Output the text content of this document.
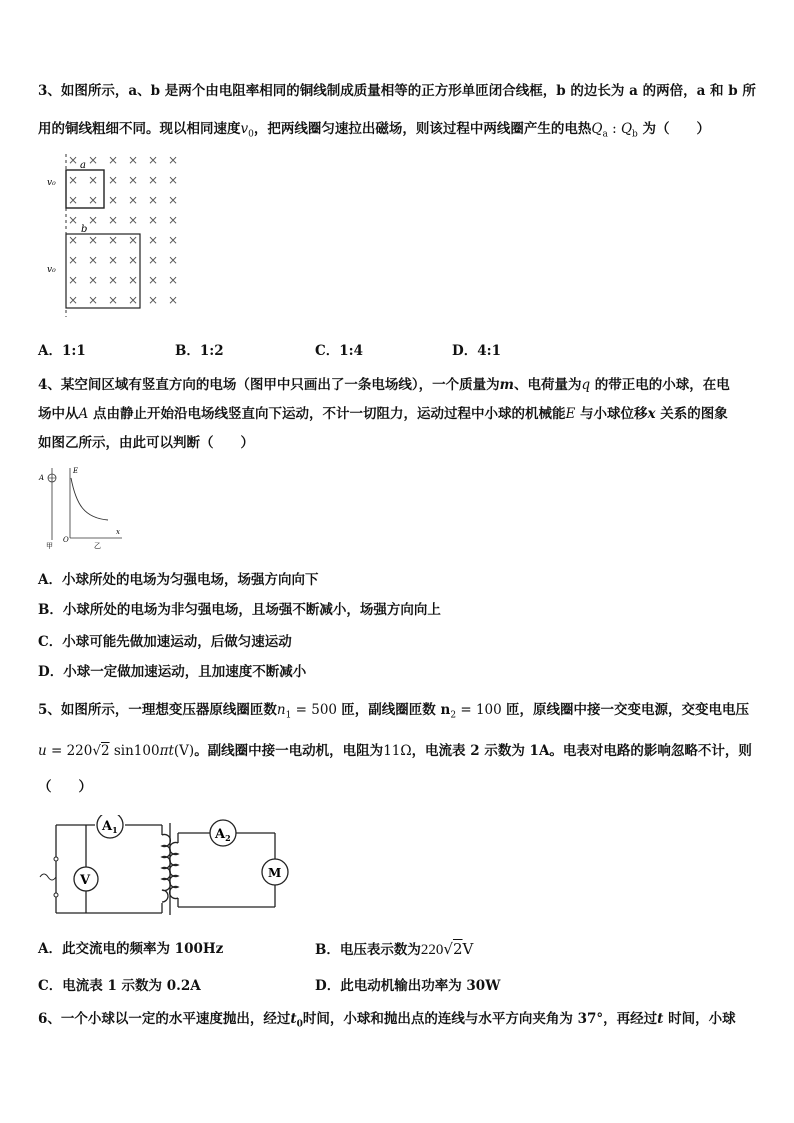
3、如图所示，a、b 是两个由电阻率相同的铜线制成质量相等的正方形单匝闭合线框，b 的边长为 a 的两倍，a 和 b 所
用的铜线粗细不同。现以相同速度$v_0$，把两线圈匀速拉出磁场，则该过程中两线圈产生的电热$Q_a$ : $Q_b$ 为（　　）
× × × × × ×
× × × × × ×
× × × × × ×
× × × × × ×
× × × × × ×
× × × × × ×
× × × × × ×
× × × × × ×
a
b
v₀
v₀
A．1:1	B．1:2	C．1:4	D．4:1
4、某空间区域有竖直方向的电场（图甲中只画出了一条电场线），一个质量为m、电荷量为q 的带正电的小球，在电
场中从A 点由静止开始沿电场线竖直向下运动，不计一切阻力，运动过程中小球的机械能E 与小球位移x 关系的图象
如图乙所示，由此可以判断（　　）
A
甲
E
O
x
乙
A．小球所处的电场为匀强电场，场强方向向下
B．小球所处的电场为非匀强电场，且场强不断减小，场强方向向上
C．小球可能先做加速运动，后做匀速运动
D．小球一定做加速运动，且加速度不断减小
5、如图所示，一理想变压器原线圈匝数$n_1 = 500$ 匝，副线圈匝数 $n_2 = 100$ 匝，原线圈中接一交变电源，交变电电压
u = 220√2 sin100πt(V)。副线圈中接一电动机，电阻为11Ω，电流表 2 示数为 1A。电表对电路的影响忽略不计，则
（　　）
$A_1$
V
$A_2$
M
A．此交流电的频率为 100Hz	B．电压表示数为220√2V
C．电流表 1 示数为 0.2A	D．此电动机输出功率为 30W
6、一个小球以一定的水平速度抛出，经过$t_0$时间，小球和抛出点的连线与水平方向夹角为 37°，再经过t 时间，小球
